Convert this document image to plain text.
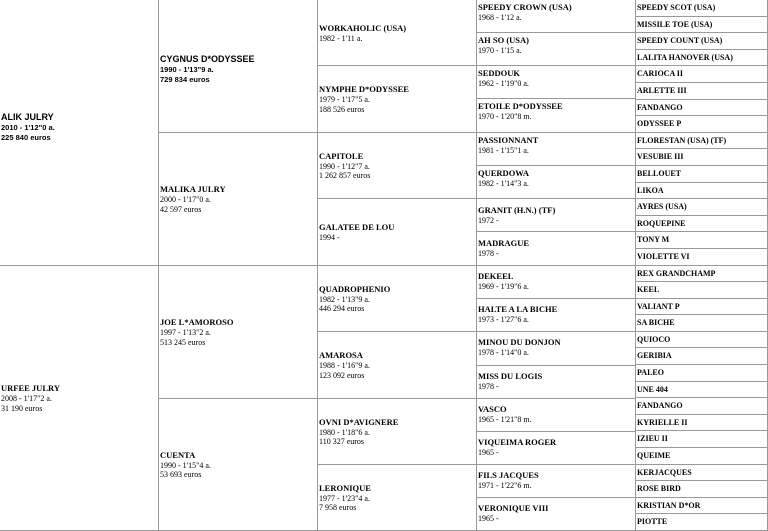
ALIK JULRY
2010 - 1'12"0 a.
225 840 euros
URFEE JULRY
2008 - 1'17"2 a.
31 190 euros
CYGNUS D*ODYSSEE
1990 - 1'13"9 a.
729 834 euros
MALIKA JULRY
2000 - 1'17"0 a.
42 597 euros
JOE L*AMOROSO
1997 - 1'13"2 a.
513 245 euros
CUENTA
1990 - 1'15"4 a.
53 693 euros
WORKAHOLIC (USA)
1982 - 1'11 a.
NYMPHE D*ODYSSEE
1979 - 1'17"5 a.
188 526 euros
CAPITOLE
1990 - 1'12"7 a.
1 262 857 euros
GALATEE DE LOU
1994 -
QUADROPHENIO
1982 - 1'13"9 a.
446 294 euros
AMAROSA
1988 - 1'16"9 a.
123 092 euros
OVNI D*AVIGNERE
1980 - 1'18"6 a.
110 327 euros
LERONIQUE
1977 - 1'23"4 a.
7 958 euros
SPEEDY CROWN (USA)
1968 - 1'12 a.
AH SO (USA)
1970 - 1'15 a.
SEDDOUK
1962 - 1'19"0 a.
ETOILE D*ODYSSEE
1970 - 1'20"8 m.
PASSIONNANT
1981 - 1'15"1 a.
QUERDOWA
1982 - 1'14"3 a.
GRANIT (H.N.) (TF)
1972 -
MADRAGUE
1978 -
DEKEEL
1969 - 1'19"6 a.
HALTE A LA BICHE
1973 - 1'27"6 a.
MINOU DU DONJON
1978 - 1'14"0 a.
MISS DU LOGIS
1978 -
VASCO
1965 - 1'21"8 m.
VIQUEIMA ROGER
1965 -
FILS JACQUES
1971 - 1'22"6 m.
VERONIQUE VIII
1965 -
SPEEDY SCOT (USA)
MISSILE TOE (USA)
SPEEDY COUNT (USA)
LALITA HANOVER (USA)
CARIOCA II
ARLETTE III
FANDANGO
ODYSSEE P
FLORESTAN (USA) (TF)
VESUBIE III
BELLOUET
LIKOA
AYRES (USA)
ROQUEPINE
TONY M
VIOLETTE VI
REX GRANDCHAMP
KEEL
VALIANT P
SA BICHE
QUIOCO
GERIBIA
PALEO
UNE 404
FANDANGO
KYRIELLE II
IZIEU II
QUEIME
KERJACQUES
ROSE BIRD
KRISTIAN D*OR
PIOTTE
